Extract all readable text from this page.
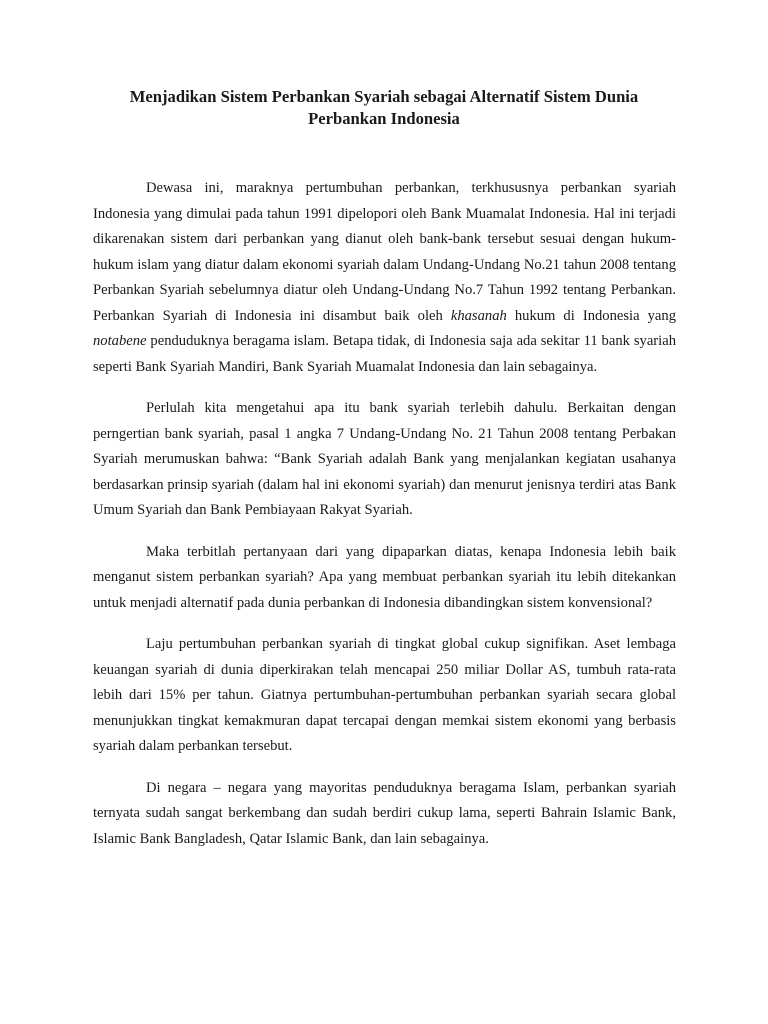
Menjadikan Sistem Perbankan Syariah sebagai Alternatif Sistem Dunia
Perbankan Indonesia

Dewasa ini, maraknya pertumbuhan perbankan, terkhususnya perbankan syariah Indonesia yang dimulai pada tahun 1991 dipelopori oleh Bank Muamalat Indonesia. Hal ini terjadi dikarenakan sistem dari perbankan yang dianut oleh bank-bank tersebut sesuai dengan hukum-hukum islam yang diatur dalam ekonomi syariah dalam Undang-Undang No.21 tahun 2008 tentang Perbankan Syariah sebelumnya diatur oleh Undang-Undang No.7 Tahun 1992 tentang Perbankan. Perbankan Syariah di Indonesia ini disambut baik oleh khasanah hukum di Indonesia yang notabene penduduknya beragama islam. Betapa tidak, di Indonesia saja ada sekitar 11 bank syariah seperti Bank Syariah Mandiri, Bank Syariah Muamalat Indonesia dan lain sebagainya.

Perlulah kita mengetahui apa itu bank syariah terlebih dahulu. Berkaitan dengan perngertian bank syariah, pasal 1 angka 7 Undang-Undang No. 21 Tahun 2008 tentang Perbakan Syariah merumuskan bahwa: “Bank Syariah adalah Bank yang menjalankan kegiatan usahanya berdasarkan prinsip syariah (dalam hal ini ekonomi syariah) dan menurut jenisnya terdiri atas Bank Umum Syariah dan Bank Pembiayaan Rakyat Syariah.

Maka terbitlah pertanyaan dari yang dipaparkan diatas, kenapa Indonesia lebih baik menganut sistem perbankan syariah? Apa yang membuat perbankan syariah itu lebih ditekankan untuk menjadi alternatif pada dunia perbankan di Indonesia dibandingkan sistem konvensional?

Laju pertumbuhan perbankan syariah di tingkat global cukup signifikan. Aset lembaga keuangan syariah di dunia diperkirakan telah mencapai 250 miliar Dollar AS, tumbuh rata-rata lebih dari 15% per tahun. Giatnya pertumbuhan-pertumbuhan perbankan syariah secara global menunjukkan tingkat kemakmuran dapat tercapai dengan memkai sistem ekonomi yang berbasis syariah dalam perbankan tersebut.

Di negara – negara yang mayoritas penduduknya beragama Islam, perbankan syariah ternyata sudah sangat berkembang dan sudah berdiri cukup lama, seperti Bahrain Islamic Bank, Islamic Bank Bangladesh, Qatar Islamic Bank, dan lain sebagainya.
